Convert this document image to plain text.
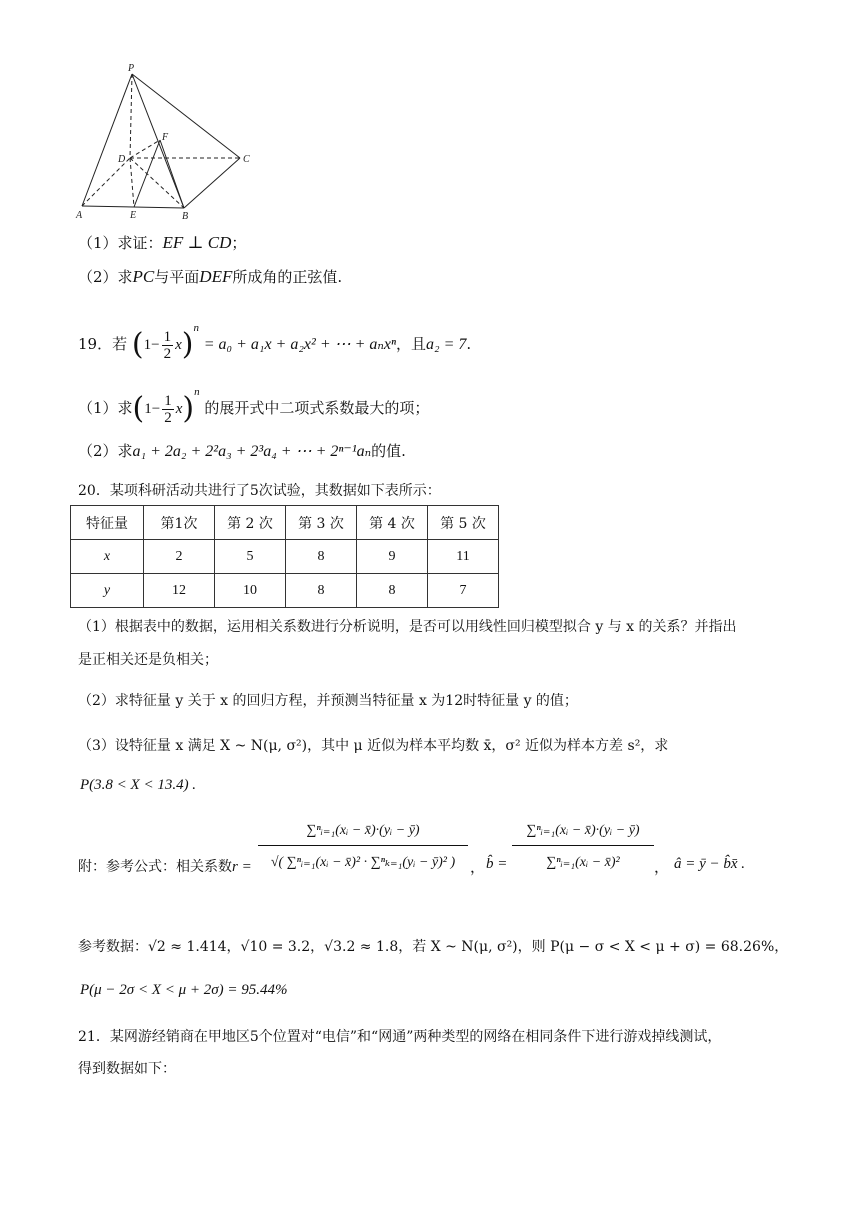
P
F
D	C
A	E	B
（1）求证：EF ⊥ CD；
（2）求PC与平面DEF所成角的正弦值.
19．若 $(1- \frac{1}{2} x)^n = a_0 + a_1x + a_2x^2$ + ⋯ + aₙxⁿ，且a₂ = 7.
（1）求$(1- \frac{1}{2} x)^n$ 的展开式中二项式系数最大的项；
（2）求a₁ + 2a₂ + 2²a₃ + 2³a₄ + ⋯ + 2ⁿ⁻¹aₙ的值.
20．某项科研活动共进行了5次试验，其数据如下表所示：
特征量	第1次	第 2 次	第 3 次	第 4 次	第 5 次
x	2	5	8	9	11
y	12	10	8	8	7
（1）根据表中的数据，运用相关系数进行分析说明，是否可以用线性回归模型拟合 y 与 x 的关系？并指出
是正相关还是负相关；
（2）求特征量 y 关于 x 的回归方程，并预测当特征量 x 为12时特征量 y 的值；
（3）设特征量 x 满足 X ~ N(μ, σ²)，其中 μ 近似为样本平均数 x̄，σ² 近似为样本方差 s²，求
P(3.8 < X < 13.4) .
附：参考公式：相关系数$r = \frac{\text{∑ⁿᵢ₌₁(xᵢ − x̄)·(yᵢ − ȳ)}}{\text{√( ∑ⁿᵢ₌₁(xᵢ − x̄)² · ∑ⁿₖ₌₁(yᵢ − ȳ)² )}}$ ， b̂ = $\frac{\text{∑ⁿᵢ₌₁(xᵢ − x̄)·(yᵢ − ȳ)}}{\text{∑ⁿᵢ₌₁(xᵢ − x̄)²}}$ ， â = ȳ − b̂x̄ .
参考数据：√2 ≈ 1.414，√10 = 3.2，√3.2 ≈ 1.8，若 X ~ N(μ, σ²)，则 P(μ − σ < X < μ + σ) = 68.26%，
P(μ − 2σ < X < μ + 2σ) = 95.44%
21．某网游经销商在甲地区5个位置对“电信”和“网通”两种类型的网络在相同条件下进行游戏掉线测试，
得到数据如下：
